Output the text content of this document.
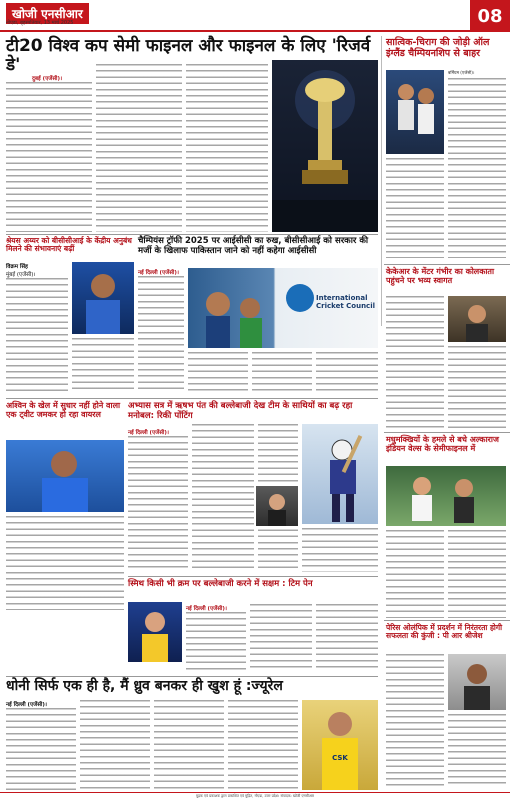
खोजी एनसीआर
नोएडा, बृहस्पतिवार, 13 मार्च 2025	08
टी20 विश्व कप सेमी फाइनल और फाइनल के लिए 'रिजर्व डे'
दुबई (एजेंसी)।
सात्विक-चिराग की जोड़ी ऑल इंग्लैंड चैम्पियनशिप से बाहर
बर्मिंघम (एजेंसी)।
केकेआर के मेंटर गंभीर का कोलकाता पहुंचने पर भव्य स्वागत
श्रेयस अय्यर को बीसीसीआई के केंद्रीय अनुबंध मिलने की संभावनाएं बढ़ीं
विक्रम सिंह
मुंबई (एजेंसी)।
चैम्पियंस ट्रॉफी 2025 पर आईसीसी का रुख, बीसीसीआई को सरकार की मर्जी के खिलाफ पाकिस्तान जाने को नहीं कहेगा आईसीसी
नई दिल्ली (एजेंसी)।
International Cricket Council
अश्विन के खेल में सुधार नहीं होने वाला एक ट्वीट जमकर हो रहा वायरल
अभ्यास सत्र में ऋषभ पंत की बल्लेबाजी देख टीम के साथियों का बढ़ रहा मनोबल: रिकी पोंटिंग
नई दिल्ली (एजेंसी)।
मधुमक्खियों के हमले से बचे अल्काराज इंडियन वेल्स के सेमीफाइनल में
स्मिथ किसी भी क्रम पर बल्लेबाजी करने में सक्षम : टिम पेन
नई दिल्ली (एजेंसी)।
पेरिस ओलंपिक में प्रदर्शन में निरंतरता होगी सफलता की कुंजी : पी आर श्रीजेश
धोनी सिर्फ एक ही है, मैं ध्रुव बनकर ही खुश हूं :ज्यूरेल
नई दिल्ली (एजेंसी)।
CSK
मुद्रक एवं प्रकाशक द्वारा प्रकाशित एवं मुद्रित, नोएडा, उत्तर प्रदेश। संपादक: खोजी एनसीआर
